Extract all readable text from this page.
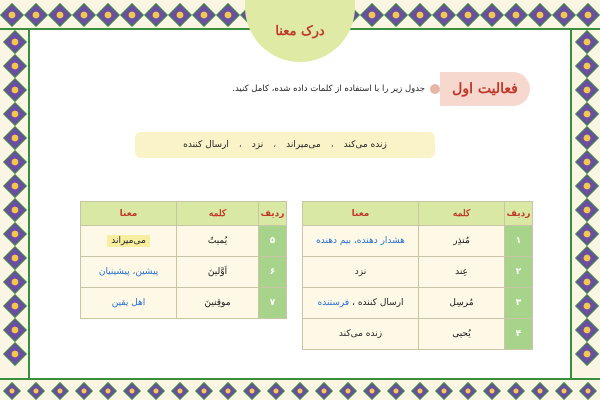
درک معنا
فعالیت اول
جدول زیر را با استفاده از کلمات داده شده، کامل کنید.
زنده می‌کند
،
می‌میراند
،
نزد
،
ارسال کننده
معنا	کلمه	ردیف
هشدار دهنده، بیم دهنده	مُنذِر	۱
نزد	عِند	۲
ارسال کننده ، فرستنده	مُرسِل	۳
زنده می‌کند	یُحیی	۴
معنا	کلمه	ردیف
می‌میراند	یُمیتُ	۵
پیشین، پیشینیان	اَوَّلینَ	۶
اهل یقین	موقِنینَ	۷
